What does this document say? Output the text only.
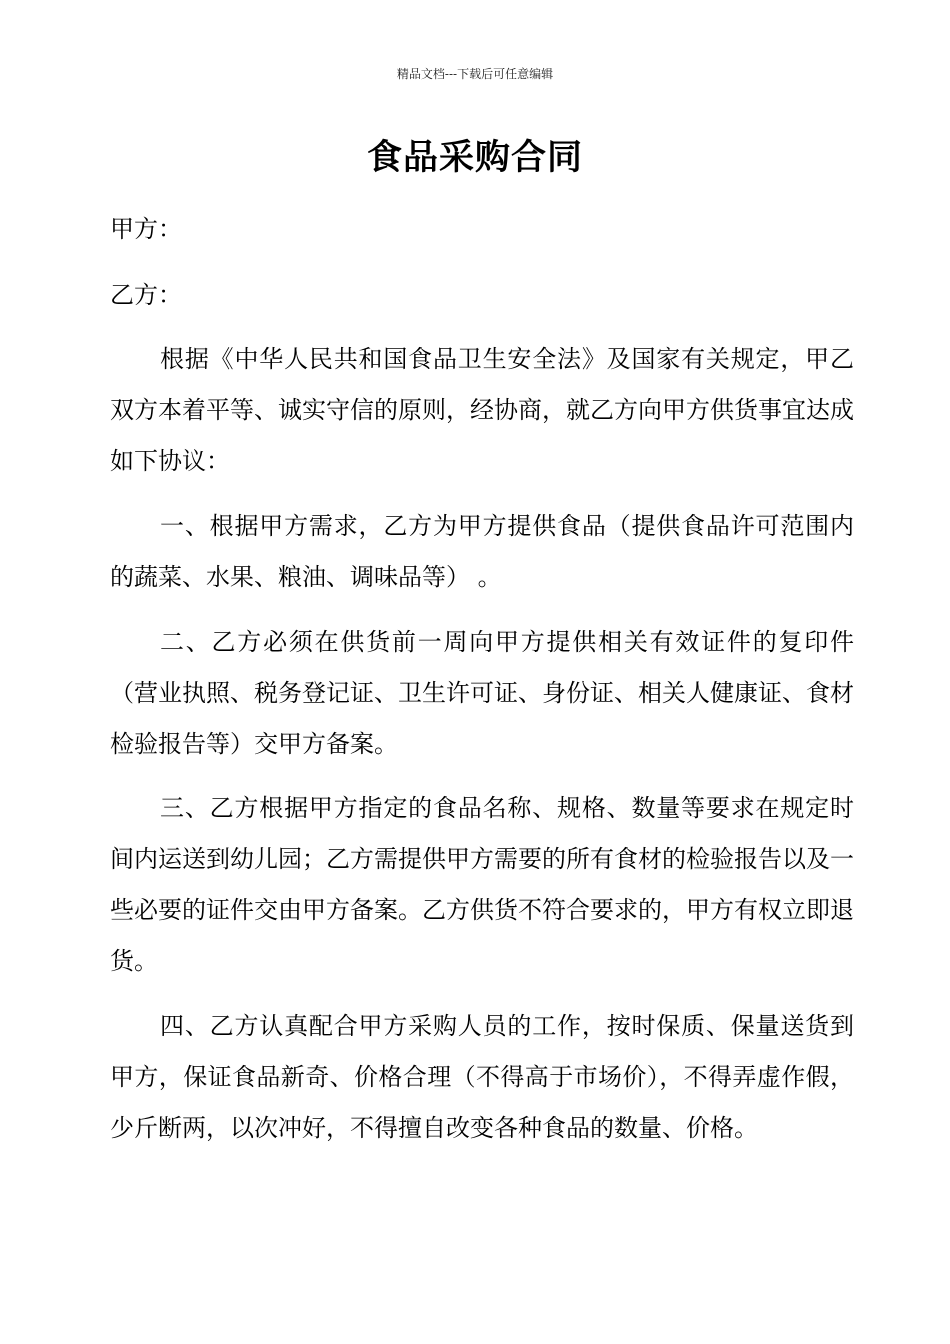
精品文档---下载后可任意编辑
食品采购合同
甲方：
乙方：
根据《中华人民共和国食品卫生安全法》及国家有关规定，甲乙双方本着平等、诚实守信的原则，经协商，就乙方向甲方供货事宜达成如下协议：
一、根据甲方需求，乙方为甲方提供食品（提供食品许可范围内的蔬菜、水果、粮油、调味品等） 。
二、乙方必须在供货前一周向甲方提供相关有效证件的复印件（营业执照、税务登记证、卫生许可证、身份证、相关人健康证、食材检验报告等）交甲方备案。
三、乙方根据甲方指定的食品名称、规格、数量等要求在规定时间内运送到幼儿园；乙方需提供甲方需要的所有食材的检验报告以及一些必要的证件交由甲方备案。乙方供货不符合要求的，甲方有权立即退货。
四、乙方认真配合甲方采购人员的工作，按时保质、保量送货到甲方，保证食品新奇、价格合理（不得高于市场价），不得弄虚作假，少斤断两，以次冲好，不得擅自改变各种食品的数量、价格。
